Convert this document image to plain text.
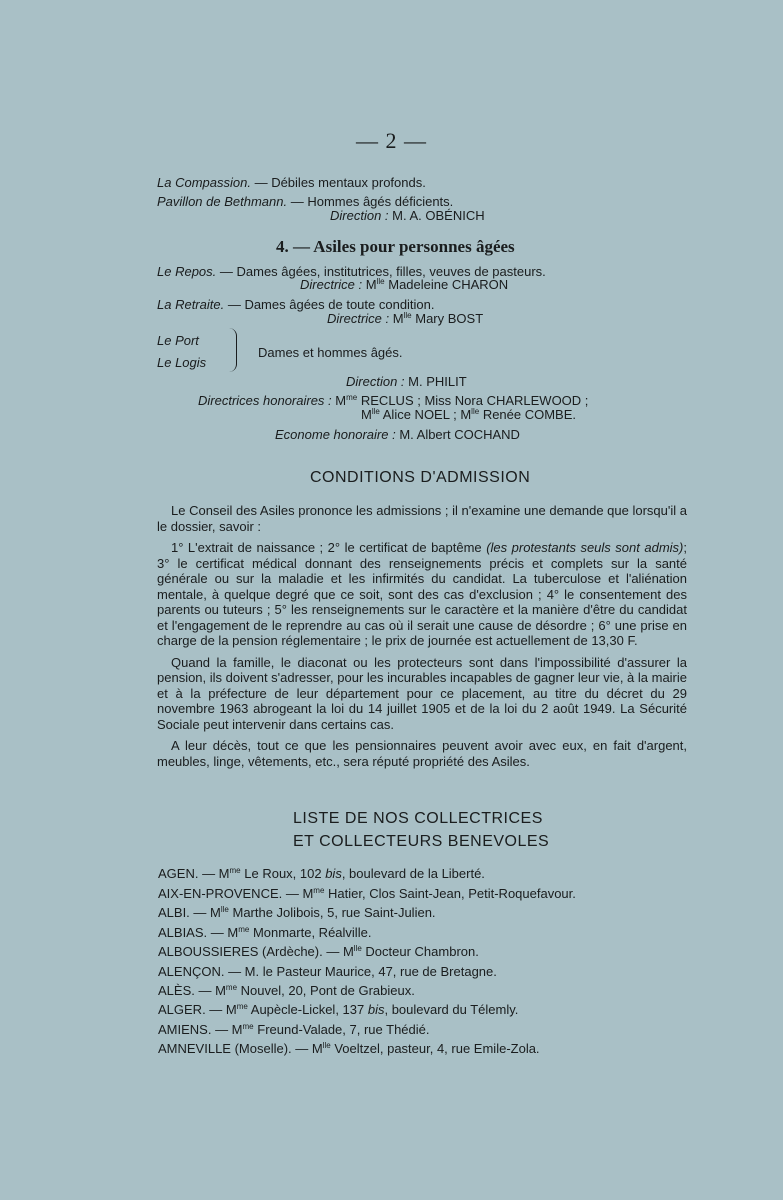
— 2 —
La Compassion. — Débiles mentaux profonds.
Pavillon de Bethmann. — Hommes âgés déficients.
Direction : M. A. OBÉNICH
4. — Asiles pour personnes âgées
Le Repos. — Dames âgées, institutrices, filles, veuves de pasteurs.
Directrice : $M^{lle}$ Madeleine CHARON
La Retraite. — Dames âgées de toute condition.
Directrice : $M^{lle}$ Mary BOST
Le Port
Le Logis
Dames et hommes âgés.
Direction : M. PHILIT
Directrices honoraires : $M^{me}$ RECLUS ; Miss Nora CHARLEWOOD ;
$M^{lle}$ Alice NOEL ; $M^{lle}$ Renée COMBE.
Econome honoraire : M. Albert COCHAND
CONDITIONS D'ADMISSION

Le Conseil des Asiles prononce les admissions ; il n'examine une demande que lorsqu'il a le dossier, savoir :

1° L'extrait de naissance ; 2° le certificat de baptême (les protestants seuls sont admis); 3° le certificat médical donnant des renseignements précis et complets sur la santé générale ou sur la maladie et les infirmités du candidat. La tuberculose et l'aliénation mentale, à quelque degré que ce soit, sont des cas d'exclusion ; 4° le consentement des parents ou tuteurs ; 5° les renseignements sur le caractère et la manière d'être du candidat et l'engagement de le reprendre au cas où il serait une cause de désordre ; 6° une prise en charge de la pension réglementaire ; le prix de journée est actuellement de 13,30 F.

Quand la famille, le diaconat ou les protecteurs sont dans l'impossibilité d'assurer la pension, ils doivent s'adresser, pour les incurables incapables de gagner leur vie, à la mairie et à la préfecture de leur département pour ce placement, au titre du décret du 29 novembre 1963 abrogeant la loi du 14 juillet 1905 et de la loi du 2 août 1949. La Sécurité Sociale peut intervenir dans certains cas.

A leur décès, tout ce que les pensionnaires peuvent avoir avec eux, en fait d'argent, meubles, linge, vêtements, etc., sera réputé propriété des Asiles.

LISTE DE NOS COLLECTRICES
ET COLLECTEURS BENEVOLES
AGEN. — $M^{me}$ Le Roux, 102 bis, boulevard de la Liberté.
AIX-EN-PROVENCE. — $M^{me}$ Hatier, Clos Saint-Jean, Petit-Roquefavour.
ALBI. — $M^{lle}$ Marthe Jolibois, 5, rue Saint-Julien.
ALBIAS. — $M^{me}$ Monmarte, Réalville.
ALBOUSSIERES (Ardèche). — $M^{lle}$ Docteur Chambron.
ALENÇON. — M. le Pasteur Maurice, 47, rue de Bretagne.
ALÈS. — $M^{me}$ Nouvel, 20, Pont de Grabieux.
ALGER. — $M^{me}$ Aupècle-Lickel, 137 bis, boulevard du Télemly.
AMIENS. — $M^{me}$ Freund-Valade, 7, rue Thédié.
AMNEVILLE (Moselle). — $M^{lle}$ Voeltzel, pasteur, 4, rue Emile-Zola.
